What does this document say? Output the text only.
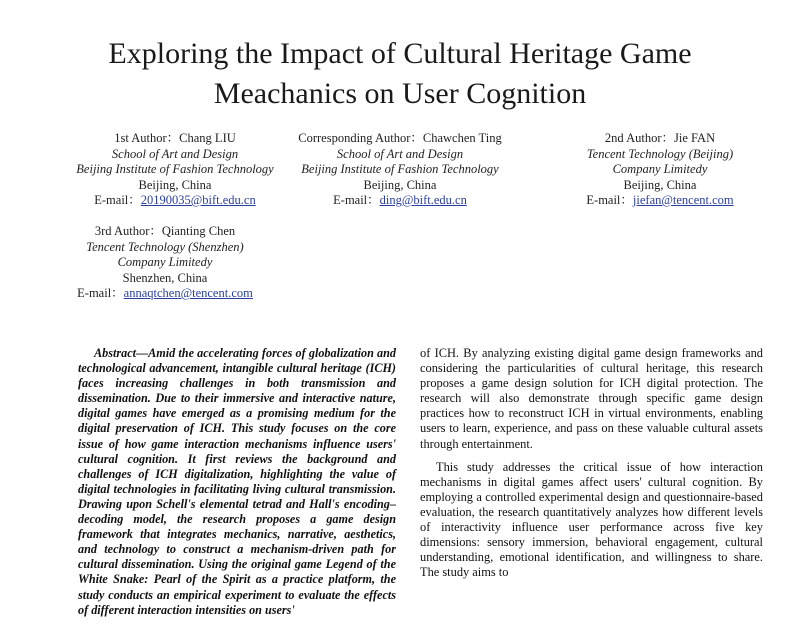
Exploring the Impact of Cultural Heritage Game
Meachanics on User Cognition
1st Author：Chang LIU
School of Art and Design
Beijing Institute of Fashion Technology
Beijing, China
E-mail：20190035@bift.edu.cn
Corresponding Author：Chawchen Ting
School of Art and Design
Beijing Institute of Fashion Technology
Beijing, China
E-mail：ding@bift.edu.cn
2nd Author：Jie FAN
Tencent Technology (Beijing)
Company Limitedy
Beijing, China
E-mail：jiefan@tencent.com
3rd Author：Qianting Chen
Tencent Technology (Shenzhen)
Company Limitedy
Shenzhen, China
E-mail：annaqtchen@tencent.com

Abstract—Amid the accelerating forces of globalization and technological advancement, intangible cultural heritage (ICH) faces increasing challenges in both transmission and dissemination. Due to their immersive and interactive nature, digital games have emerged as a promising medium for the digital preservation of ICH. This study focuses on the core issue of how game interaction mechanisms influence users' cultural cognition. It first reviews the background and challenges of ICH digitalization, highlighting the value of digital technologies in facilitating living cultural transmission. Drawing upon Schell's elemental tetrad and Hall's encoding–decoding model, the research proposes a game design framework that integrates mechanics, narrative, aesthetics, and technology to construct a mechanism-driven path for cultural dissemination. Using the original game Legend of the White Snake: Pearl of the Spirit as a practice platform, the study conducts an empirical experiment to evaluate the effects of different interaction intensities on users'

of ICH. By analyzing existing digital game design frameworks and considering the particularities of cultural heritage, this research proposes a game design solution for ICH digital protection. The research will also demonstrate through specific game design practices how to reconstruct ICH in virtual environments, enabling users to learn, experience, and pass on these valuable cultural assets through entertainment.

This study addresses the critical issue of how interaction mechanisms in digital games affect users' cultural cognition. By employing a controlled experimental design and questionnaire-based evaluation, the research quantitatively analyzes how different levels of interactivity influence user performance across five key dimensions: sensory immersion, behavioral engagement, cultural understanding, emotional identification, and willingness to share. The study aims to
